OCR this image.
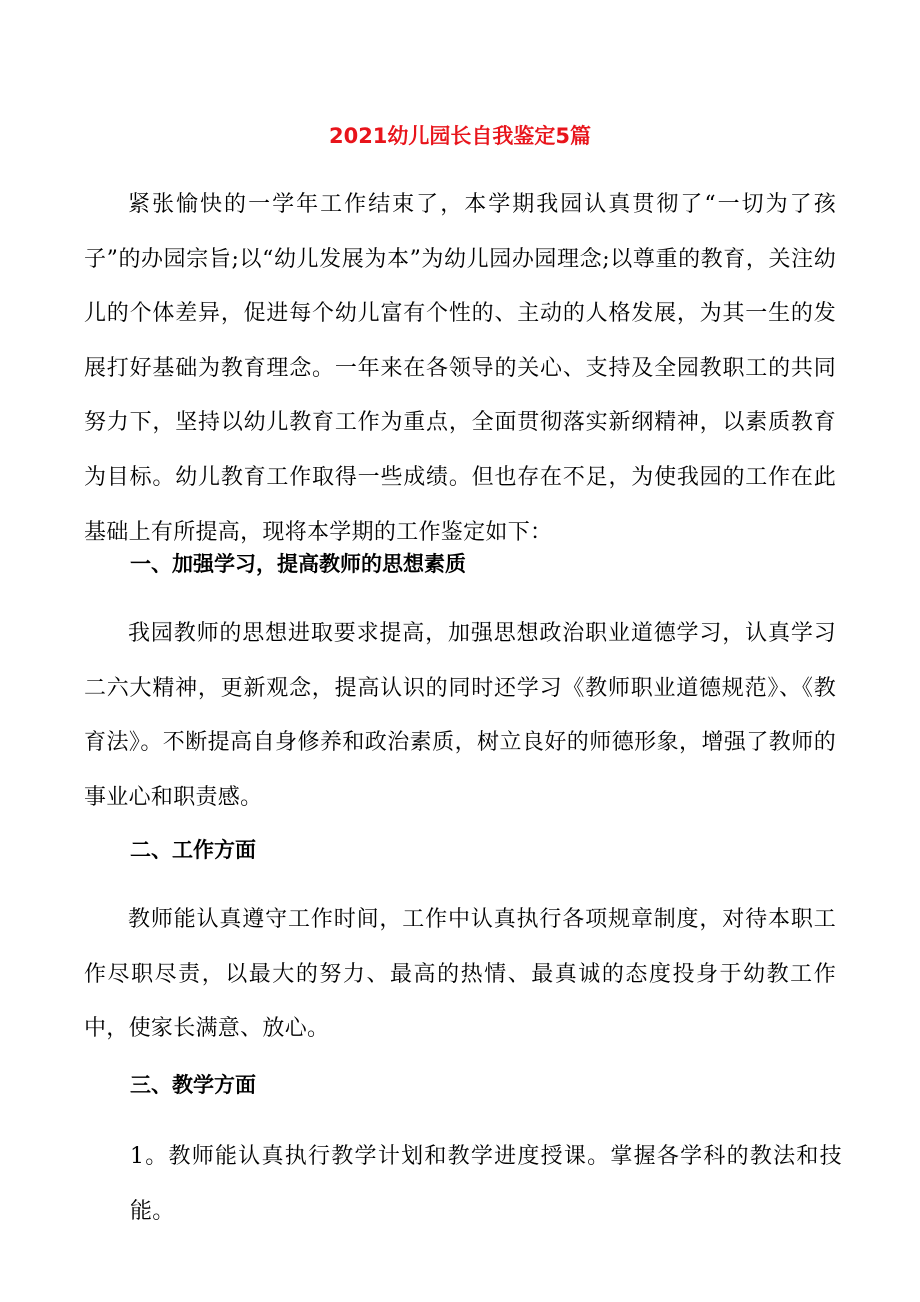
2021幼儿园长自我鉴定5篇

紧张愉快的一学年工作结束了，本学期我园认真贯彻了“一切为了孩子”的办园宗旨;以“幼儿发展为本”为幼儿园办园理念;以尊重的教育，关注幼儿的个体差异，促进每个幼儿富有个性的、主动的人格发展，为其一生的发展打好基础为教育理念。一年来在各领导的关心、支持及全园教职工的共同努力下，坚持以幼儿教育工作为重点，全面贯彻落实新纲精神，以素质教育为目标。幼儿教育工作取得一些成绩。但也存在不足，为使我园的工作在此基础上有所提高，现将本学期的工作鉴定如下：

一、加强学习，提高教师的思想素质

我园教师的思想进取要求提高，加强思想政治职业道德学习，认真学习二六大精神，更新观念，提高认识的同时还学习《教师职业道德规范》、《教育法》。不断提高自身修养和政治素质，树立良好的师德形象，增强了教师的事业心和职责感。

二、工作方面

教师能认真遵守工作时间，工作中认真执行各项规章制度，对待本职工作尽职尽责，以最大的努力、最高的热情、最真诚的态度投身于幼教工作中，使家长满意、放心。

三、教学方面

1。教师能认真执行教学计划和教学进度授课。掌握各学科的教法和技能。
